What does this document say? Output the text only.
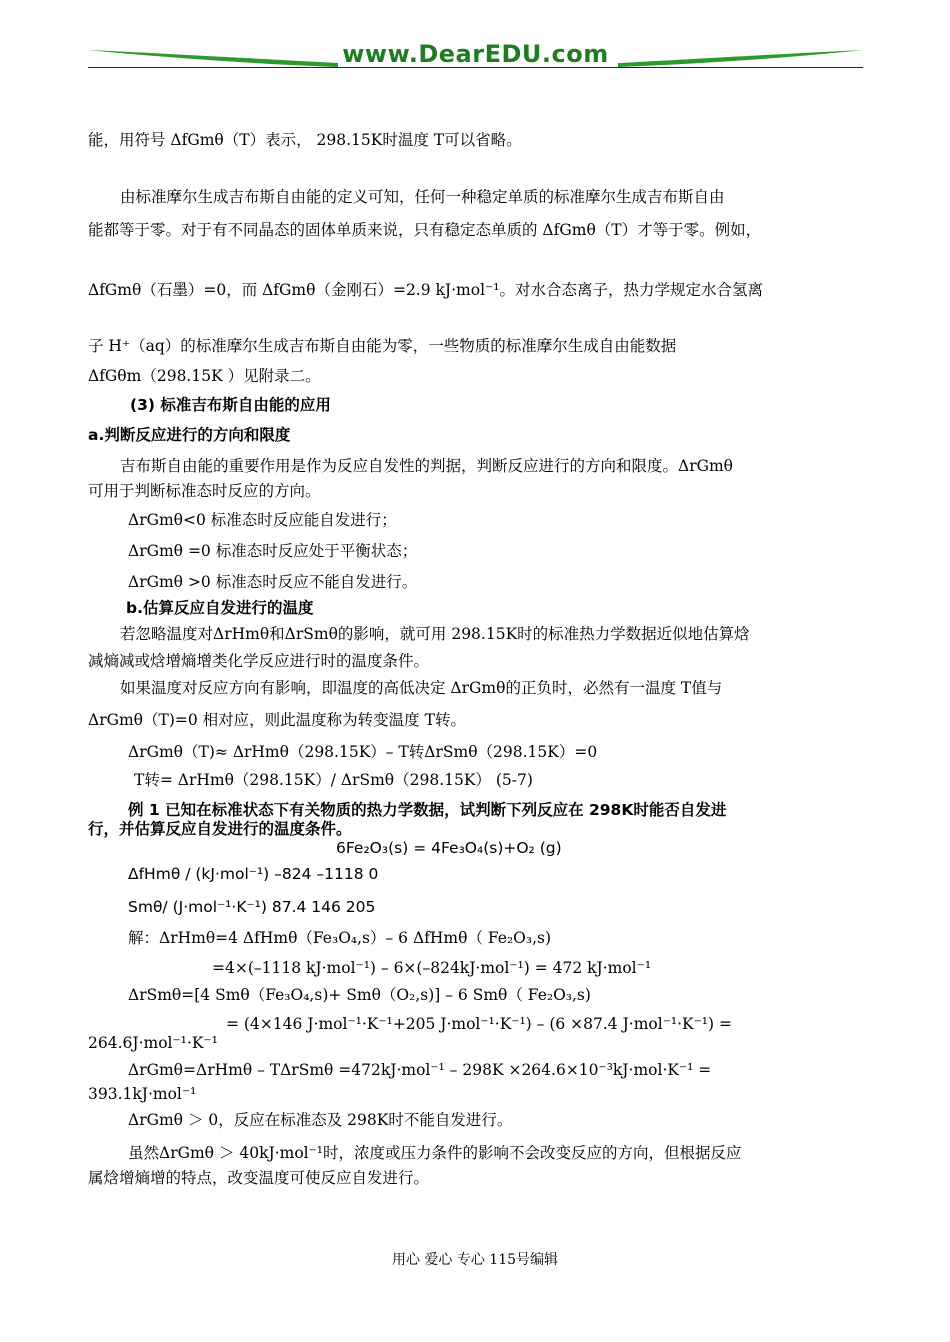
www.DearEDU.com
能，用符号 ΔfGmθ（T）表示， 298.15K时温度 T可以省略。
由标准摩尔生成吉布斯自由能的定义可知，任何一种稳定单质的标准摩尔生成吉布斯自由
能都等于零。对于有不同晶态的固体单质来说，只有稳定态单质的 ΔfGmθ（T）才等于零。例如，
ΔfGmθ（石墨）=0，而 ΔfGmθ（金刚石）=2.9 kJ·mol⁻¹。对水合态离子，热力学规定水合氢离
子 H⁺（aq）的标准摩尔生成吉布斯自由能为零，一些物质的标准摩尔生成自由能数据
ΔfGθm（298.15K ）见附录二。
(3) 标准吉布斯自由能的应用
a.判断反应进行的方向和限度
吉布斯自由能的重要作用是作为反应自发性的判据，判断反应进行的方向和限度。ΔrGmθ
可用于判断标准态时反应的方向。
ΔrGmθ<0 标准态时反应能自发进行；
ΔrGmθ =0 标准态时反应处于平衡状态；
ΔrGmθ >0 标准态时反应不能自发进行。
b.估算反应自发进行的温度
若忽略温度对ΔrHmθ和ΔrSmθ的影响，就可用 298.15K时的标准热力学数据近似地估算焓
减熵减或焓增熵增类化学反应进行时的温度条件。
如果温度对反应方向有影响，即温度的高低决定 ΔrGmθ的正负时，必然有一温度 T值与
ΔrGmθ（T)=0 相对应，则此温度称为转变温度 T转。
ΔrGmθ（T)≈ ΔrHmθ（298.15K）– T转ΔrSmθ（298.15K）=0
T转= ΔrHmθ（298.15K）/ ΔrSmθ（298.15K） (5-7)
例 1 已知在标准状态下有关物质的热力学数据，试判断下列反应在 298K时能否自发进
行，并估算反应自发进行的温度条件。
6Fe₂O₃(s) = 4Fe₃O₄(s)+O₂ (g)
ΔfHmθ / (kJ·mol⁻¹) –824 –1118 0
Smθ/ (J·mol⁻¹·K⁻¹) 87.4 146 205
解：ΔrHmθ=4 ΔfHmθ（Fe₃O₄,s）– 6 ΔfHmθ（ Fe₂O₃,s)
=4×(–1118 kJ·mol⁻¹) – 6×(–824kJ·mol⁻¹) = 472 kJ·mol⁻¹
ΔrSmθ=[4 Smθ（Fe₃O₄,s)+ Smθ（O₂,s)] – 6 Smθ（ Fe₂O₃,s)
= (4×146 J·mol⁻¹·K⁻¹+205 J·mol⁻¹·K⁻¹) – (6 ×87.4 J·mol⁻¹·K⁻¹) =
264.6J·mol⁻¹·K⁻¹
ΔrGmθ=ΔrHmθ – TΔrSmθ =472kJ·mol⁻¹ – 298K ×264.6×10⁻³kJ·mol·K⁻¹ =
393.1kJ·mol⁻¹
ΔrGmθ ＞ 0，反应在标准态及 298K时不能自发进行。
虽然ΔrGmθ ＞ 40kJ·mol⁻¹时，浓度或压力条件的影响不会改变反应的方向，但根据反应
属焓增熵增的特点，改变温度可使反应自发进行。
用心 爱心 专心 115号编辑
